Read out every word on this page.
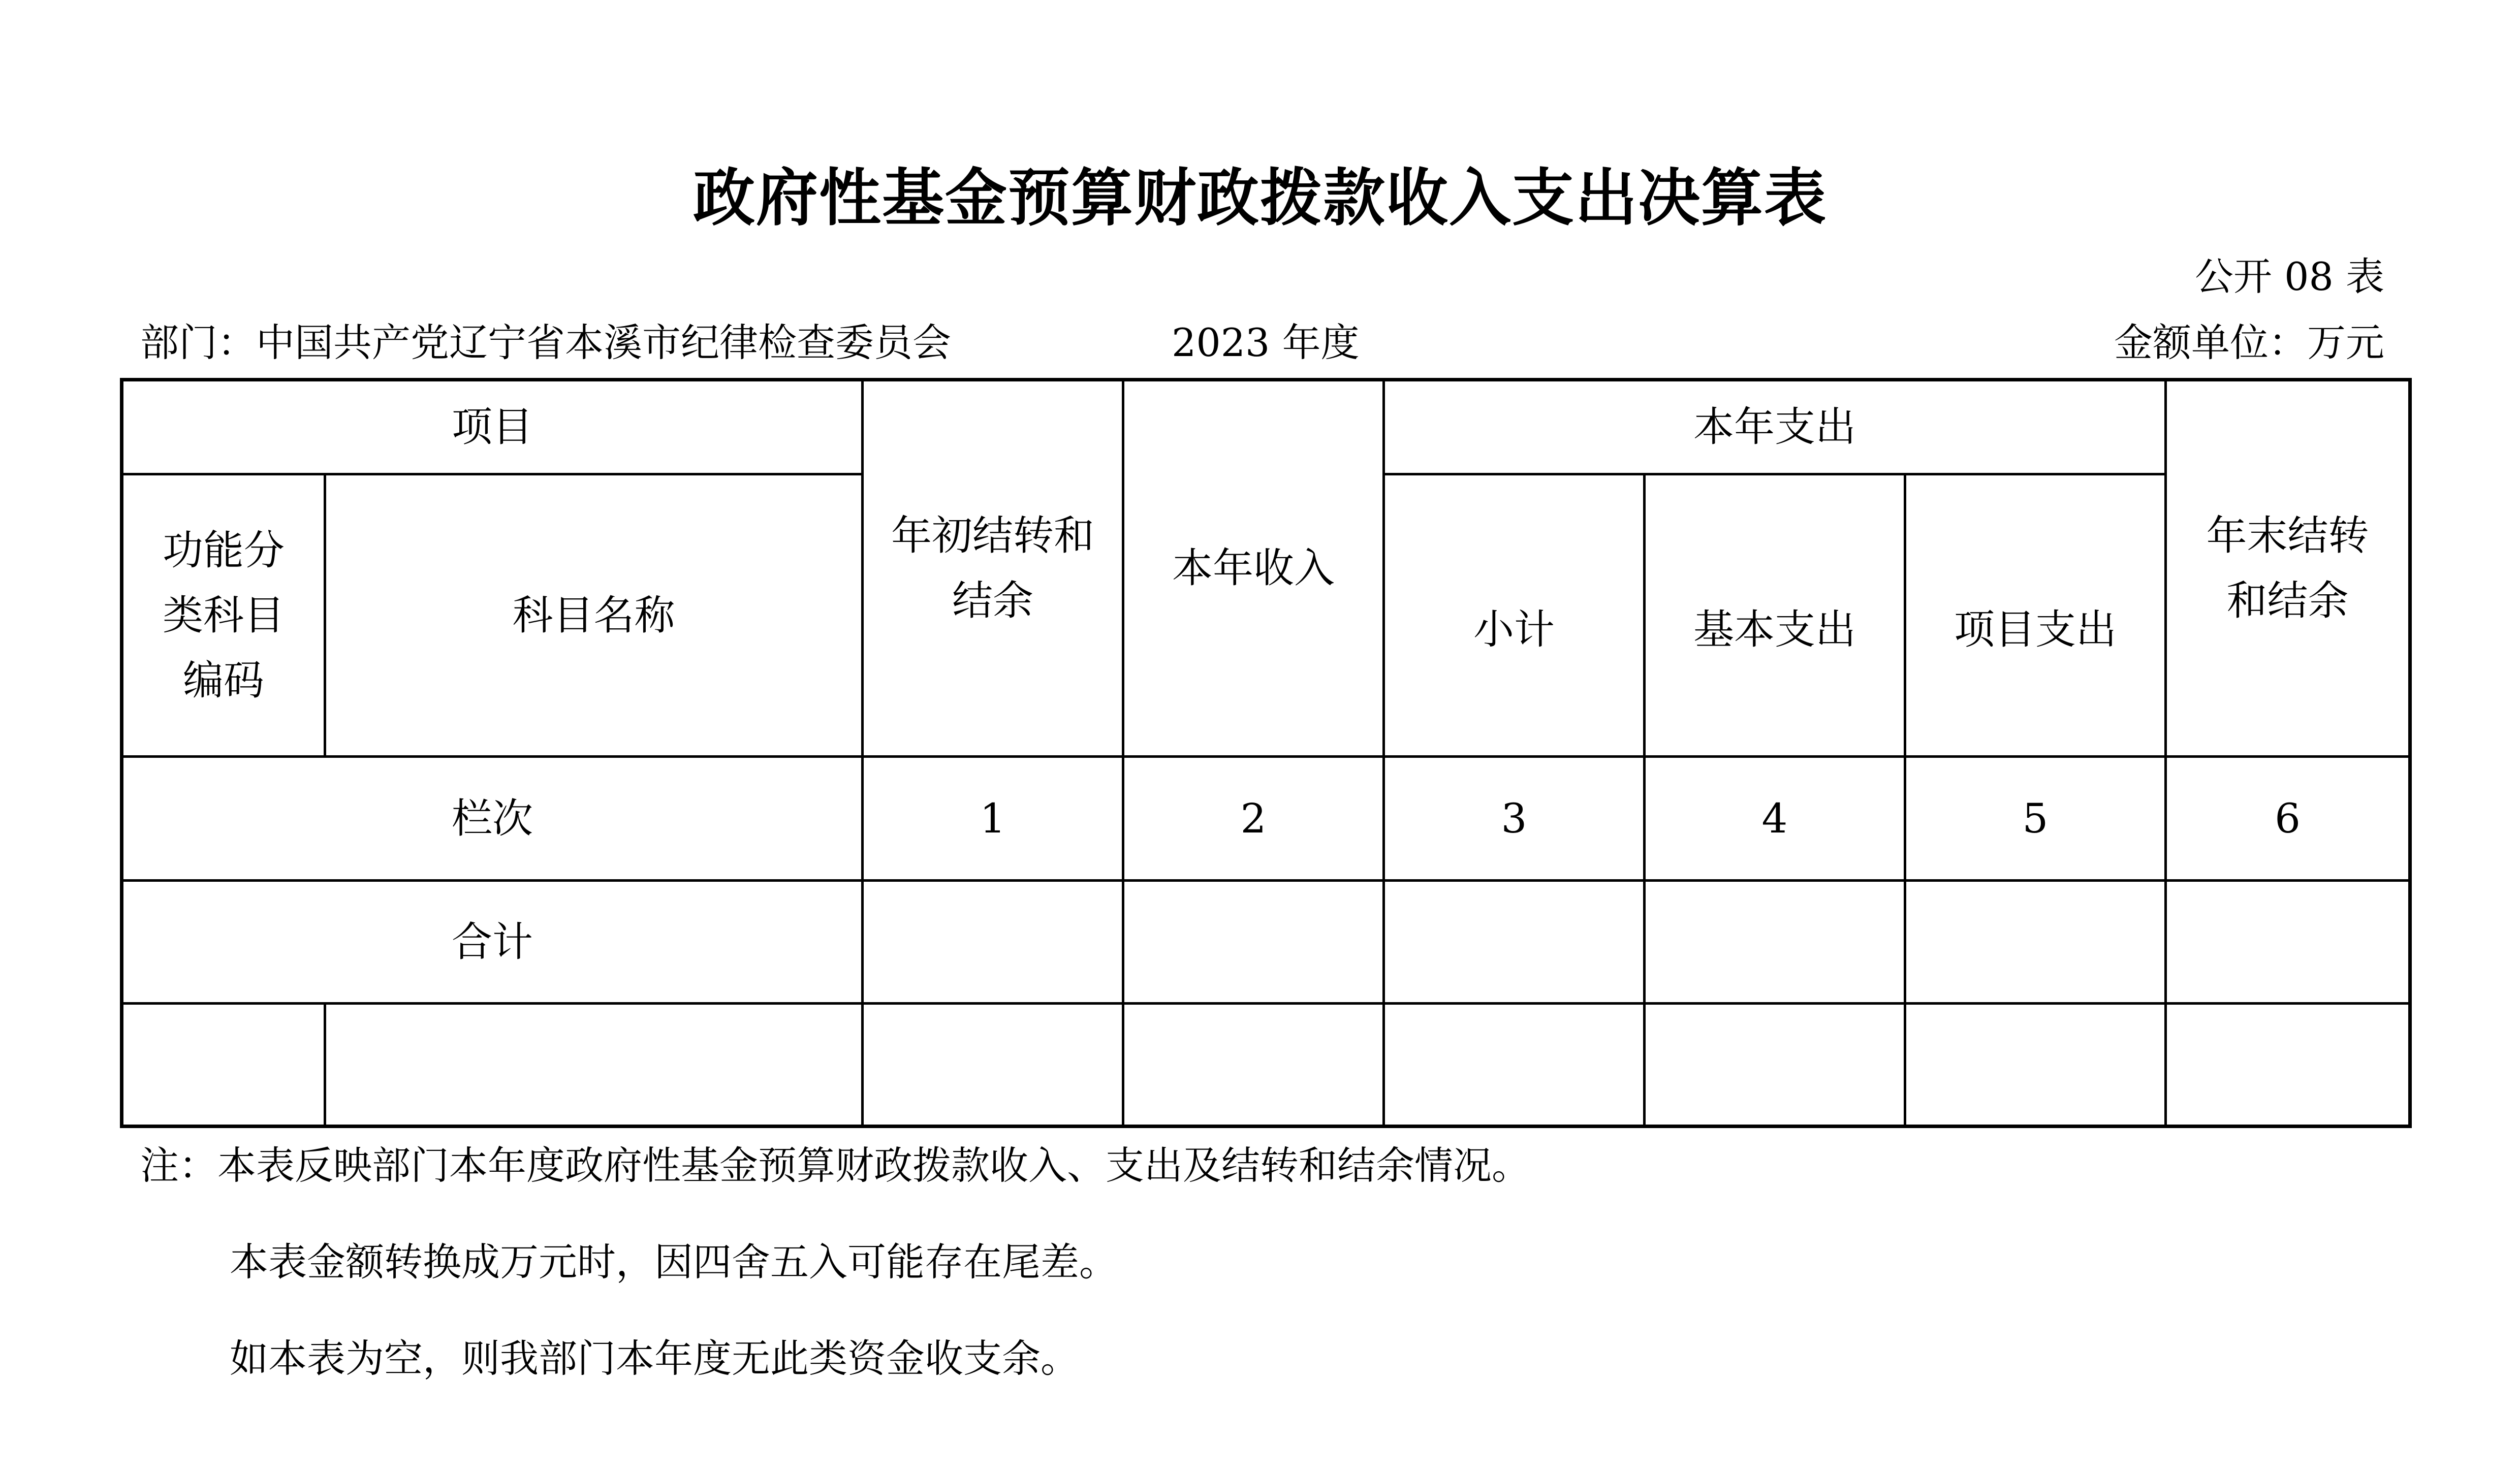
政府性基金预算财政拨款收入支出决算表
公开 08 表
部门：中国共产党辽宁省本溪市纪律检查委员会	2023 年度	金额单位：万元
项目		年初结转和结余	本年收入	本年支出			年末结转和结余

功能分类科目编码	科目名称			小计	基本支出	项目支出	
栏次		1	2	3	4	5	6
合计							

注：本表反映部门本年度政府性基金预算财政拨款收入、支出及结转和结余情况。
本表金额转换成万元时，因四舍五入可能存在尾差。
如本表为空，则我部门本年度无此类资金收支余。
